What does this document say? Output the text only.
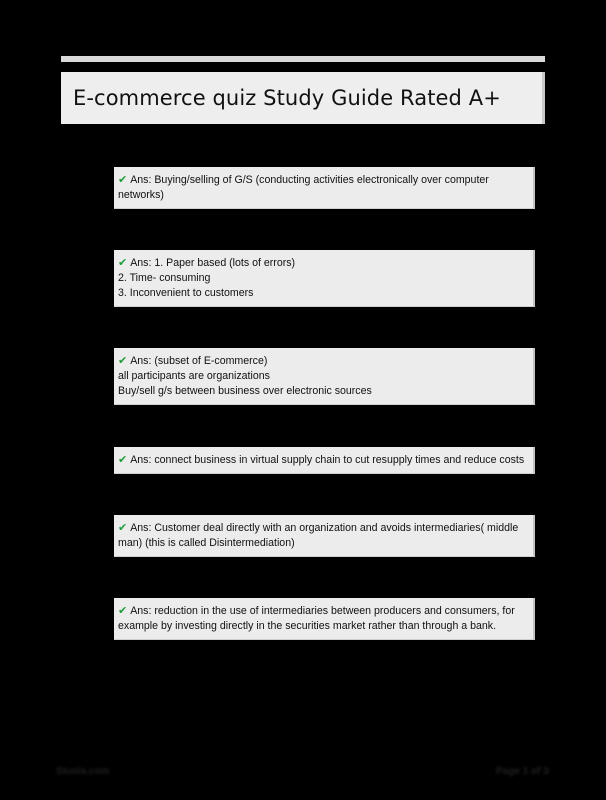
E-commerce quiz Study Guide Rated A+
✔ Ans: Buying/selling of G/S (conducting activities electronically over computer networks)
✔ Ans: 1. Paper based (lots of errors)
2. Time- consuming
3. Inconvenient to customers
✔ Ans: (subset of E-commerce)
all participants are organizations
Buy/sell g/s between business over electronic sources
✔ Ans: connect business in virtual supply chain to cut resupply times and reduce costs
✔ Ans: Customer deal directly with an organization and avoids intermediaries( middle man) (this is called Disintermediation)
✔ Ans: reduction in the use of intermediaries between producers and consumers, for example by investing directly in the securities market rather than through a bank.
Stuvia.com	Page 1 of 3
